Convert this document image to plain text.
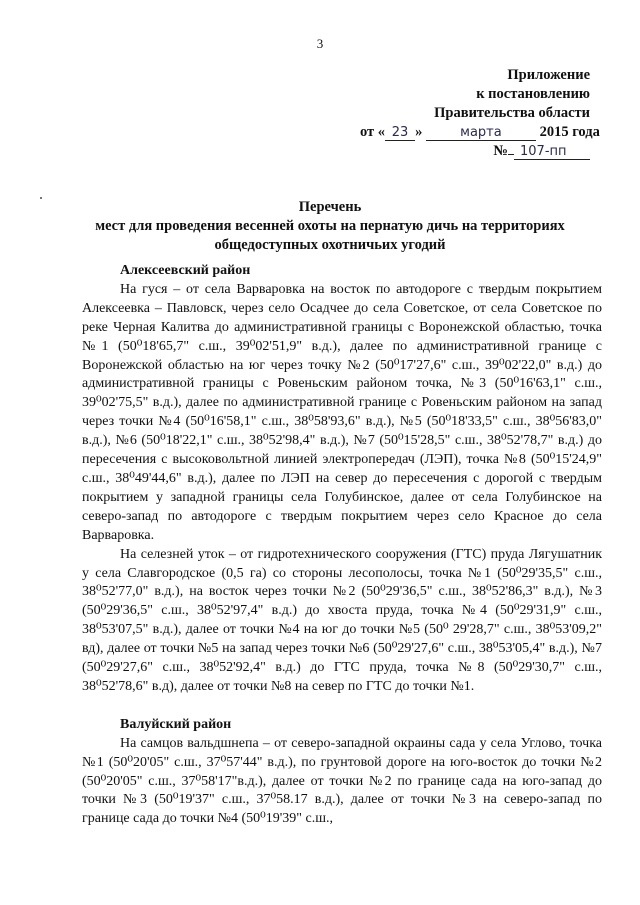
3
Приложение
к постановлению
Правительства области
от « 23 »	марта	2015 года
№ 107-пп
Перечень
мест для проведения весенней охоты на пернатую дичь на территориях
общедоступных охотничьих угодий
Алексеевский район

На гуся – от села Варваровка на восток по автодороге с твердым покрытием Алексеевка – Павловск, через село Осадчее до села Советское, от села Советское по реке Черная Калитва до административной границы с Воронежской областью, точка №1 (50⁰18'65,7" с.ш., 39⁰02'51,9" в.д.), далее по административной границе с Воронежской областью на юг через точку №2 (50⁰17'27,6" с.ш., 39⁰02'22,0" в.д.) до административной границы с Ровеньским районом точка, №3 (50⁰16'63,1" с.ш., 39⁰02'75,5" в.д.), далее по административной границе с Ровеньским районом на запад через точки №4 (50⁰16'58,1" с.ш., 38⁰58'93,6" в.д.), №5 (50⁰18'33,5" с.ш., 38⁰56'83,0" в.д.), №6 (50⁰18'22,1" с.ш., 38⁰52'98,4" в.д.), №7 (50⁰15'28,5" с.ш., 38⁰52'78,7" в.д.) до пересечения с высоковольтной линией электропередач (ЛЭП), точка №8 (50⁰15'24,9" с.ш., 38⁰49'44,6" в.д.), далее по ЛЭП на север до пересечения с дорогой с твердым покрытием у западной границы села Голубинское, далее от села Голубинское на северо-запад по автодороге с твердым покрытием через село Красное до села Варваровка.

На селезней уток – от гидротехнического сооружения (ГТС) пруда Лягушатник у села Славгородское (0,5 га) со стороны лесополосы, точка №1 (50⁰29'35,5" с.ш., 38⁰52'77,0" в.д.), на восток через точки №2 (50⁰29'36,5" с.ш., 38⁰52'86,3" в.д.), №3 (50⁰29'36,5" с.ш., 38⁰52'97,4" в.д.) до хвоста пруда, точка №4 (50⁰29'31,9" с.ш., 38⁰53'07,5" в.д.), далее от точки №4 на юг до точки №5 (50⁰ 29'28,7" с.ш., 38⁰53'09,2" вд), далее от точки №5 на запад через точки №6 (50⁰29'27,6" с.ш., 38⁰53'05,4" в.д.), №7 (50⁰29'27,6" с.ш., 38⁰52'92,4" в.д.) до ГТС пруда, точка №8 (50⁰29'30,7" с.ш., 38⁰52'78,6" в.д), далее от точки №8 на север по ГТС до точки №1.

Валуйский район

На самцов вальдшнепа – от северо-западной окраины сада у села Углово, точка №1 (50⁰20'05" с.ш., 37⁰57'44" в.д.), по грунтовой дороге на юго-восток до точки №2 (50⁰20'05" с.ш., 37⁰58'17"в.д.), далее от точки №2 по границе сада на юго-запад до точки №3 (50⁰19'37" с.ш., 37⁰58.17 в.д.), далее от точки №3 на северо-запад по границе сада до точки №4 (50⁰19'39" с.ш.,
